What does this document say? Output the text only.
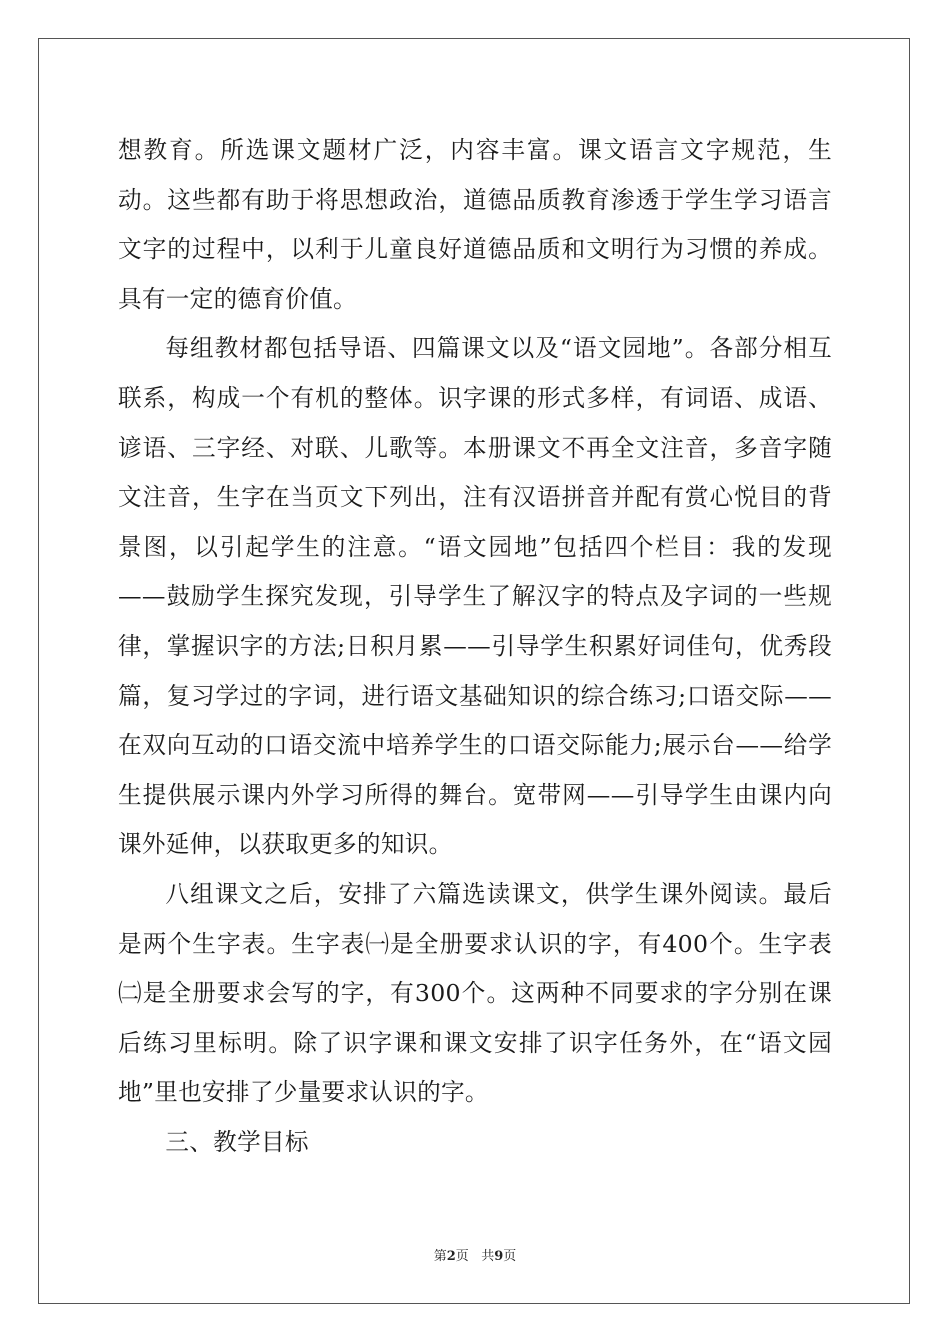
想教育。所选课文题材广泛，内容丰富。课文语言文字规范，生动。这些都有助于将思想政治，道德品质教育渗透于学生学习语言文字的过程中，以利于儿童良好道德品质和文明行为习惯的养成。具有一定的德育价值。

每组教材都包括导语、四篇课文以及“语文园地”。各部分相互联系，构成一个有机的整体。识字课的形式多样，有词语、成语、谚语、三字经、对联、儿歌等。本册课文不再全文注音，多音字随文注音，生字在当页文下列出，注有汉语拼音并配有赏心悦目的背景图，以引起学生的注意。“语文园地”包括四个栏目：我的发现——鼓励学生探究发现，引导学生了解汉字的特点及字词的一些规律，掌握识字的方法;日积月累——引导学生积累好词佳句，优秀段篇，复习学过的字词，进行语文基础知识的综合练习;口语交际——在双向互动的口语交流中培养学生的口语交际能力;展示台——给学生提供展示课内外学习所得的舞台。宽带网——引导学生由课内向课外延伸，以获取更多的知识。

八组课文之后，安排了六篇选读课文，供学生课外阅读。最后是两个生字表。生字表㈠是全册要求认识的字，有400个。生字表㈡是全册要求会写的字，有300个。这两种不同要求的字分别在课后练习里标明。除了识字课和课文安排了识字任务外，在“语文园地”里也安排了少量要求认识的字。

三、教学目标

第2页 共9页
